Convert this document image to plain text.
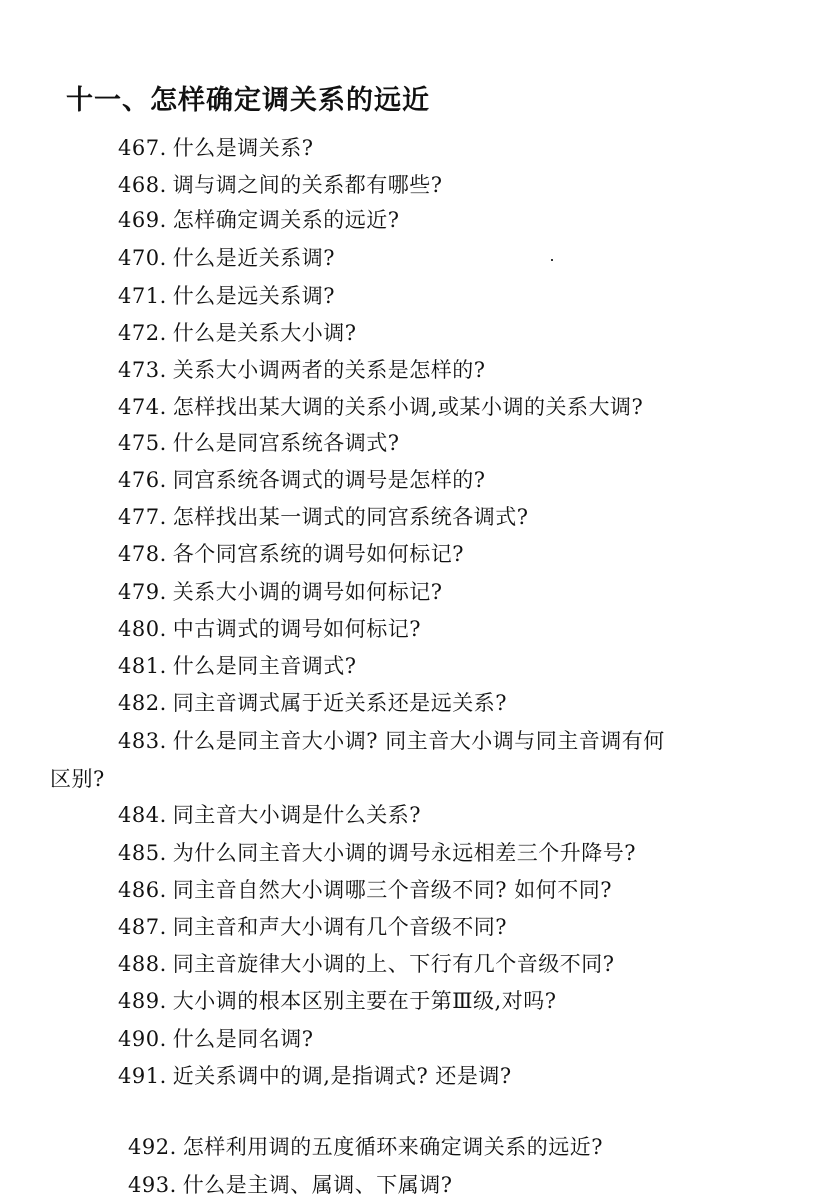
十一、怎样确定调关系的远近
467. 什么是调关系?
468. 调与调之间的关系都有哪些?
469. 怎样确定调关系的远近?
470. 什么是近关系调?
471. 什么是远关系调?
472. 什么是关系大小调?
473. 关系大小调两者的关系是怎样的?
474. 怎样找出某大调的关系小调,或某小调的关系大调?
475. 什么是同宫系统各调式?
476. 同宫系统各调式的调号是怎样的?
477. 怎样找出某一调式的同宫系统各调式?
478. 各个同宫系统的调号如何标记?
479. 关系大小调的调号如何标记?
480. 中古调式的调号如何标记?
481. 什么是同主音调式?
482. 同主音调式属于近关系还是远关系?
483. 什么是同主音大小调? 同主音大小调与同主音调有何
区别?
484. 同主音大小调是什么关系?
485. 为什么同主音大小调的调号永远相差三个升降号?
486. 同主音自然大小调哪三个音级不同? 如何不同?
487. 同主音和声大小调有几个音级不同?
488. 同主音旋律大小调的上、下行有几个音级不同?
489. 大小调的根本区别主要在于第Ⅲ级,对吗?
490. 什么是同名调?
491. 近关系调中的调,是指调式? 还是调?
492. 怎样利用调的五度循环来确定调关系的远近?
493. 什么是主调、属调、下属调?
